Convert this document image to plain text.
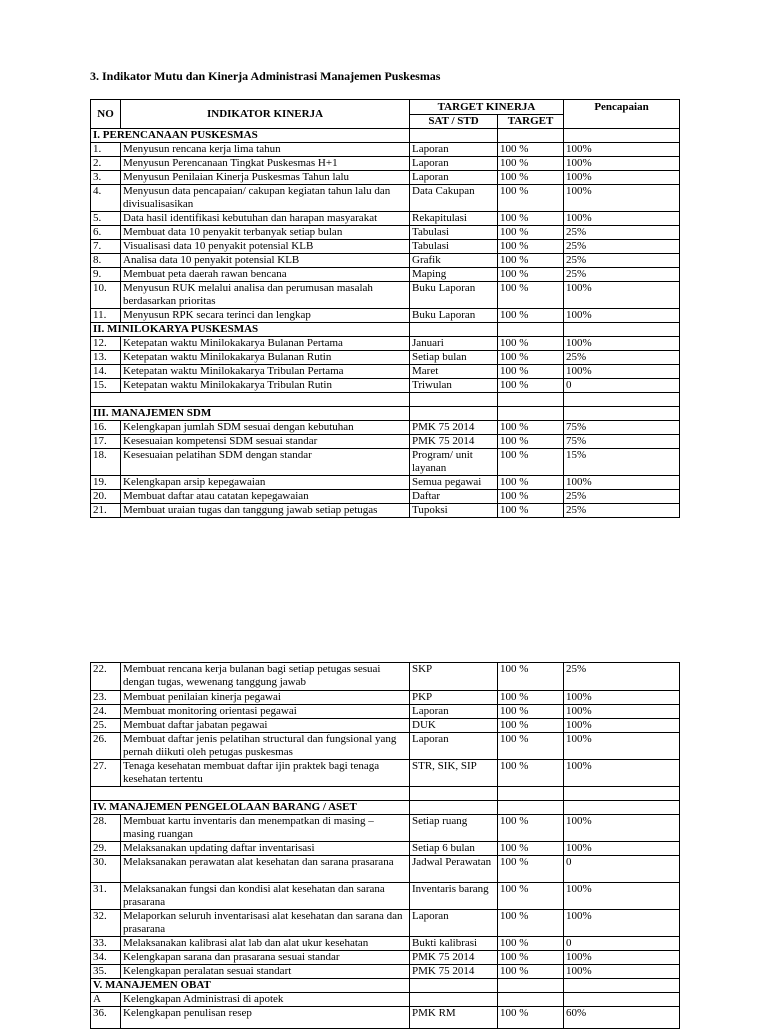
3. Indikator Mutu dan Kinerja Administrasi Manajemen Puskesmas
NO	INDIKATOR KINERJA	TARGET KINERJA		Pencapaian
		SAT / STD	TARGET	
I. PERENCANAAN PUSKESMAS				
1.	Menyusun rencana kerja lima tahun	Laporan	100 %	100%
2.	Menyusun Perencanaan Tingkat Puskesmas H+1	Laporan	100 %	100%
3.	Menyusun Penilaian Kinerja Puskesmas Tahun lalu	Laporan	100 %	100%
4.	Menyusun data pencapaian/ cakupan kegiatan tahun lalu dan divisualisasikan	Data Cakupan	100 %	100%
5.	Data hasil identifikasi kebutuhan dan harapan masyarakat	Rekapitulasi	100 %	100%
6.	Membuat data 10 penyakit terbanyak setiap bulan	Tabulasi	100 %	25%
7.	Visualisasi data 10 penyakit potensial KLB	Tabulasi	100 %	25%
8.	Analisa data 10 penyakit potensial KLB	Grafik	100 %	25%
9.	Membuat peta daerah rawan bencana	Maping	100 %	25%
10.	Menyusun RUK melalui analisa dan perumusan masalah berdasarkan prioritas	Buku Laporan	100 %	100%
11.	Menyusun RPK secara terinci dan lengkap	Buku Laporan	100 %	100%
II. MINILOKARYA PUSKESMAS				
12.	Ketepatan waktu Minilokakarya Bulanan Pertama	Januari	100 %	100%
13.	Ketepatan waktu Minilokakarya Bulanan Rutin	Setiap bulan	100 %	25%
14.	Ketepatan waktu Minilokakarya Tribulan Pertama	Maret	100 %	100%
15.	Ketepatan waktu Minilokakarya Tribulan Rutin	Triwulan	100 %	0

III. MANAJEMEN SDM				
16.	Kelengkapan jumlah SDM sesuai dengan kebutuhan	PMK 75 2014	100 %	75%
17.	Kesesuaian kompetensi SDM sesuai standar	PMK 75 2014	100 %	75%
18.	Kesesuaian pelatihan SDM dengan standar	Program/ unit layanan	100 %	15%
19.	Kelengkapan arsip kepegawaian	Semua pegawai	100 %	100%
20.	Membuat daftar atau catatan kepegawaian	Daftar	100 %	25%
21.	Membuat uraian tugas dan tanggung jawab setiap petugas	Tupoksi	100 %	25%
22.	Membuat rencana kerja bulanan bagi setiap petugas sesuai dengan tugas, wewenang tanggung jawab	SKP	100 %	25%
23.	Membuat penilaian kinerja pegawai	PKP	100 %	100%
24.	Membuat monitoring orientasi pegawai	Laporan	100 %	100%
25.	Membuat daftar jabatan pegawai	DUK	100 %	100%
26.	Membuat daftar jenis pelatihan structural dan fungsional yang pernah diikuti oleh petugas puskesmas	Laporan	100 %	100%
27.	Tenaga kesehatan membuat daftar ijin praktek bagi tenaga kesehatan tertentu	STR, SIK, SIP	100 %	100%

IV. MANAJEMEN PENGELOLAAN BARANG / ASET				
28.	Membuat kartu inventaris dan menempatkan di masing – masing ruangan	Setiap ruang	100 %	100%
29.	Melaksanakan updating daftar inventarisasi	Setiap 6 bulan	100 %	100%
30.	Melaksanakan perawatan alat kesehatan dan sarana prasarana	Jadwal Perawatan	100 %	0
31.	Melaksanakan fungsi dan kondisi alat kesehatan dan sarana prasarana	Inventaris barang	100 %	100%
32.	Melaporkan seluruh inventarisasi alat kesehatan dan sarana dan prasarana	Laporan	100 %	100%
33.	Melaksanakan kalibrasi alat lab dan alat ukur kesehatan	Bukti kalibrasi	100 %	0
34.	Kelengkapan sarana dan prasarana sesuai standar	PMK 75 2014	100 %	100%
35.	Kelengkapan peralatan sesuai standart	PMK 75 2014	100 %	100%
V. MANAJEMEN OBAT				
A	Kelengkapan Administrasi di apotek			
36.	Kelengkapan penulisan resep	PMK RM	100 %	60%
